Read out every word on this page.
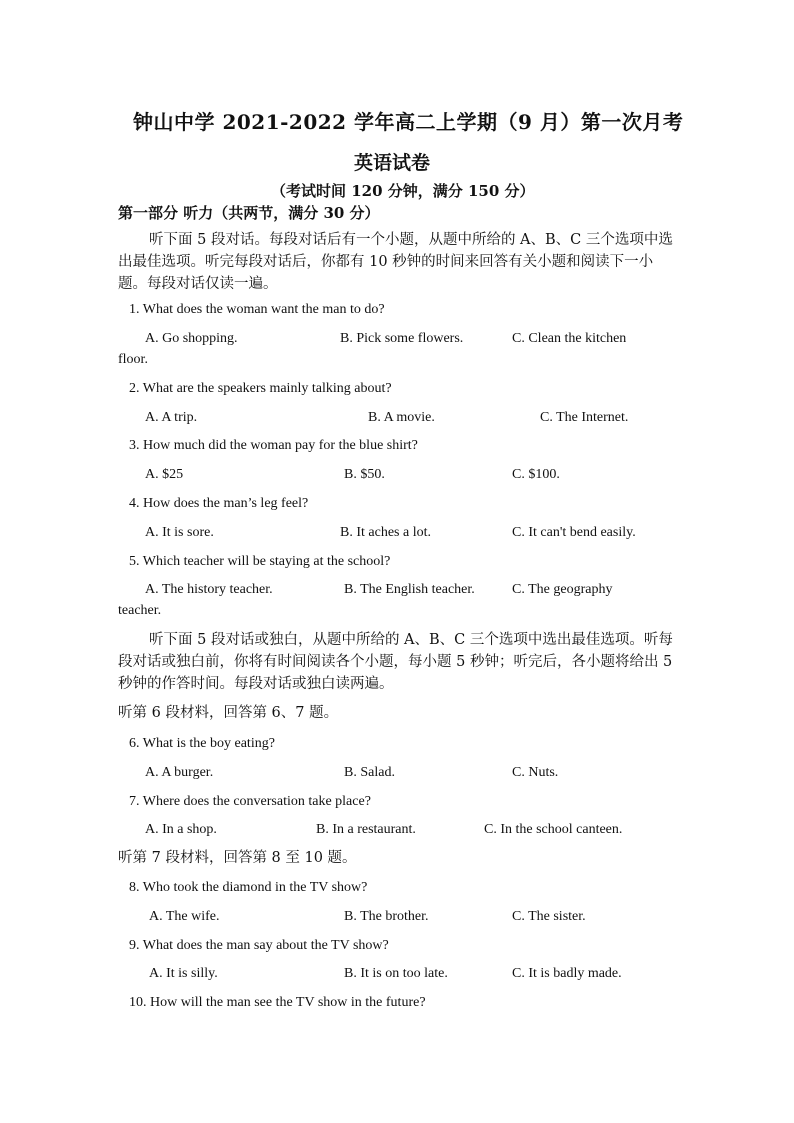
钟山中学 2021-2022 学年高二上学期（9 月）第一次月考
英语试卷
（考试时间 120 分钟，满分 150 分）
第一部分 听力（共两节，满分 30 分）
听下面 5 段对话。每段对话后有一个小题，从题中所给的 A、B、C 三个选项中选出最佳选项。听完每段对话后，你都有 10 秒钟的时间来回答有关小题和阅读下一小题。每段对话仅读一遍。
1. What does the woman want the man to do?
A. Go shopping.	B. Pick some flowers.	C. Clean the kitchen
floor.
2. What are the speakers mainly talking about?
A. A trip.	B. A movie.	C. The Internet.
3. How much did the woman pay for the blue shirt?
A. $25	B. $50.	C. $100.
4. How does the man’s leg feel?
A. It is sore.	B. It aches a lot.	C. It can't bend easily.
5. Which teacher will be staying at the school?
A. The history teacher.	B. The English teacher.	C. The geography
teacher.
听下面 5 段对话或独白，从题中所给的 A、B、C 三个选项中选出最佳选项。听每段对话或独白前，你将有时间阅读各个小题，每小题 5 秒钟；听完后，各小题将给出 5 秒钟的作答时间。每段对话或独白读两遍。
听第 6 段材料，回答第 6、7 题。
6. What is the boy eating?
A. A burger.	B. Salad.	C. Nuts.
7. Where does the conversation take place?
A. In a shop.	B. In a restaurant.	C. In the school canteen.
听第 7 段材料，回答第 8 至 10 题。
8. Who took the diamond in the TV show?
A. The wife.	B. The brother.	C. The sister.
9. What does the man say about the TV show?
A. It is silly.	B. It is on too late.	C. It is badly made.
10. How will the man see the TV show in the future?
